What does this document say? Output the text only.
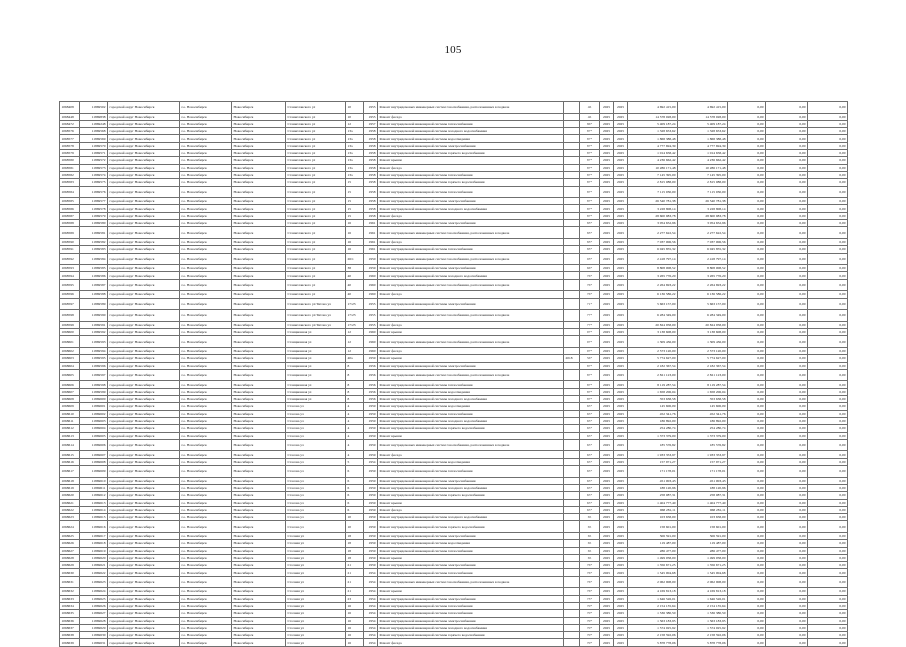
105
1068408	11869502	городской округ Новосибирск	г.о. Новосибирск	Новосибирск	Станиславского ул	10	1955	Ремонт внутридомовых инженерных систем газоснабжения, расположенных в подвале		46	2025	2025	4 692 415,00	4 692 415,00	0,00	0,00	0,00
1068448	11869838	городской округ Новосибирск	г.о. Новосибирск	Новосибирск	Станиславского ул	10	1955	Ремонт фасада		46	2025	2025	14 578 028,00	14 578 028,00	0,00	0,00	0,00
1068472	11869248	городской округ Новосибирск	г.о. Новосибирск	Новосибирск	Станиславского ул	12	1957	Ремонт внутридомовой инженерной системы теплоснабжения		86*	2025	2025	5 409 187,24	5 409 187,24	0,00	0,00	0,00
1068576	11869568	городской округ Новосибирск	г.о. Новосибирск	Новосибирск	Станиславского ул	13а	1958	Ремонт внутридомовой инженерной системы холодного водоснабжения		87*	2025	2025	1 328 653,62	1 328 653,62	0,00	0,00	0,00
1068577	11869569	городской округ Новосибирск	г.о. Новосибирск	Новосибирск	Станиславского ул	13а	1958	Ремонт внутридомовой инженерной системы водоотведения		87*	2025	2025	1 868 388,48	1 868 388,48	0,00	0,00	0,00
1068578	11869570	городской округ Новосибирск	г.о. Новосибирск	Новосибирск	Станиславского ул	13а	1958	Ремонт внутридомовой инженерной системы электроснабжения		87*	2025	2025	4 777 694,39	4 777 694,39	0,00	0,00	0,00
1068579	11869571	городской округ Новосибирск	г.о. Новосибирск	Новосибирск	Станиславского ул	13а	1958	Ремонт внутридомовой инженерной системы горячего водоснабжения		87*	2025	2025	1 014 658,42	1 014 658,42	0,00	0,00	0,00
1068580	11869572	городской округ Новосибирск	г.о. Новосибирск	Новосибирск	Станиславского ул	13а	1958	Ремонт крыши		87*	2025	2025	4 236 662,42	4 236 662,42	0,00	0,00	0,00
1068581	11869573	городской округ Новосибирск	г.о. Новосибирск	Новосибирск	Станиславского ул	13а	1958	Ремонт фасада		87*	2025	2025	10 286 171,48	10 286 171,48	0,00	0,00	0,00
1068582	11869574	городской округ Новосибирск	г.о. Новосибирск	Новосибирск	Станиславского ул	13а	1958	Ремонт внутридомовой инженерной системы теплоснабжения		87*	2025	2025	7 145 395,00	7 145 395,00	0,00	0,00	0,00
1068583	11869575	городской округ Новосибирск	г.о. Новосибирск	Новосибирск	Станиславского ул	15	1958	Ремонт внутридомовой инженерной системы горячего водоснабжения		87*	2025	2025	2 815 088,00	2 815 088,00	0,00	0,00	0,00
1068584	11869576	городской округ Новосибирск	г.о. Новосибирск	Новосибирск	Станиславского ул	15	1958	Ремонт внутридомовой инженерной системы теплоснабжения		87*	2025	2025	7 115 030,00	7 115 030,00	0,00	0,00	0,00
1068585	11869577	городской округ Новосибирск	г.о. Новосибирск	Новосибирск	Станиславского ул	15	1958	Ремонт внутридомовой инженерной системы электроснабжения		87*	2025	2025	26 540 781,38	26 540 781,38	0,00	0,00	0,00
1068586	11869578	городской округ Новосибирск	г.о. Новосибирск	Новосибирск	Станиславского ул	15	1958	Ремонт внутридомовой инженерной системы холодного водоснабжения		87*	2025	2025	3 228 808,14	3 228 808,14	0,00	0,00	0,00
1068587	11869579	городской округ Новосибирск	г.о. Новосибирск	Новосибирск	Станиславского ул	15	1958	Ремонт фасада		87*	2025	2025	28 600 983,78	28 600 983,78	0,00	0,00	0,00
1068588	11869580	городской округ Новосибирск	г.о. Новосибирск	Новосибирск	Станиславского ул	16	1961	Ремонт внутридомовой инженерной системы электроснабжения		83*	2025	2025	3 054 652,96	3 054 652,96	0,00	0,00	0,00
1068589	11869581	городской округ Новосибирск	г.о. Новосибирск	Новосибирск	Станиславского ул	16	1961	Ремонт внутридомовых инженерных систем газоснабжения, расположенных в подвале		83*	2025	2025	2 277 622,54	2 277 622,54	0,00	0,00	0,00
1068590	11869582	городской округ Новосибирск	г.о. Новосибирск	Новосибирск	Станиславского ул	16	1961	Ремонт фасада		83*	2025	2025	7 037 006,56	7 037 006,56	0,00	0,00	0,00
1068591	11869583	городской округ Новосибирск	г.о. Новосибирск	Новосибирск	Станиславского ул	16	1961	Ремонт внутридомовой инженерной системы теплоснабжения		83*	2025	2025	6 045 855,32	6 045 855,32	0,00	0,00	0,00
1068592	11869584	городской округ Новосибирск	г.о. Новосибирск	Новосибирск	Станиславского ул	26/1	1950	Ремонт внутридомовых инженерных систем газоснабжения, расположенных в подвале		93*	2025	2025	2 418 797,14	2 418 797,14	0,00	0,00	0,00
1068593	11869585	городской округ Новосибирск	г.о. Новосибирск	Новосибирск	Станиславского ул	38	1959	Ремонт внутридомовой инженерной системы электроснабжения		66*	2025	2025	8 808 008,52	8 808 008,52	0,00	0,00	0,00
1068594	11869586	городской округ Новосибирск	г.о. Новосибирск	Новосибирск	Станиславского ул	40	1960	Ремонт внутридомовой инженерной системы холодного водоснабжения		76*	2025	2025	3 265 776,20	3 265 776,20	0,00	0,00	0,00
1068595	11869587	городской округ Новосибирск	г.о. Новосибирск	Новосибирск	Станиславского ул	40	1960	Ремонт внутридомовых инженерных систем газоснабжения, расположенных в подвале		76*	2025	2025	2 264 693,22	2 264 693,22	0,00	0,00	0,00
1068596	11869588	городской округ Новосибирск	г.о. Новосибирск	Новосибирск	Станиславского ул	40	1960	Ремонт фасада		76*	2025	2025	6 136 586,22	6 136 586,22	0,00	0,00	0,00
1068597	11869589	городской округ Новосибирск	г.о. Новосибирск	Новосибирск	Станиславского ул/Титова ул	17/23	1955	Ремонт внутридомовой инженерной системы электроснабжения		71*	2025	2025	5 663 157,00	5 663 157,00	0,00	0,00	0,00
1068598	11869590	городской округ Новосибирск	г.о. Новосибирск	Новосибирск	Станиславского ул/Титова ул	17/23	1955	Ремонт внутридомовых инженерных систем газоснабжения, расположенных в подвале		77*	2025	2025	6 284 349,00	6 284 349,00	0,00	0,00	0,00
1068599	11869591	городской округ Новосибирск	г.о. Новосибирск	Новосибирск	Станиславского ул/Титова ул	17/23	1955	Ремонт фасада		77*	2025	2025	20 824 958,00	20 824 958,00	0,00	0,00	0,00
1068600	11869592	городской округ Новосибирск	г.о. Новосибирск	Новосибирск	Станционная ул	12	1960	Ремонт крыши		97*	2025	2025	3 138 608,00	3 138 608,00	0,00	0,00	0,00
1068601	11869593	городской округ Новосибирск	г.о. Новосибирск	Новосибирск	Станционная ул	12	1960	Ремонт внутридомовых инженерных систем газоснабжения, расположенных в подвале		97*	2025	2025	1 309 436,00	1 309 436,00	0,00	0,00	0,00
1068602	11869594	городской округ Новосибирск	г.о. Новосибирск	Новосибирск	Станционная ул	12	1960	Ремонт фасада		97*	2025	2025	2 573 120,00	2 573 120,00	0,00	0,00	0,00
1068603	11869595	городской округ Новосибирск	г.о. Новосибирск	Новосибирск	Станционная ул	40а	1959	Ремонт крыши	2018	56*	2025	2025	5 774 627,00	5 774 627,00	0,00	0,00	0,00
1068604	11869596	городской округ Новосибирск	г.о. Новосибирск	Новосибирск	Станционная ул	8	1956	Ремонт внутридомовой инженерной системы электроснабжения		87*	2025	2025	2 182 367,54	2 182 367,54	0,00	0,00	0,00
1068605	11869597	городской округ Новосибирск	г.о. Новосибирск	Новосибирск	Станционная ул	8	1956	Ремонт внутридомовых инженерных систем газоснабжения, расположенных в подвале		87*	2025	2025	2 821 123,00	2 821 123,00	0,00	0,00	0,00
1068606	11869598	городской округ Новосибирск	г.о. Новосибирск	Новосибирск	Станционная ул	8	1956	Ремонт внутридомовой инженерной системы теплоснабжения		87*	2025	2025	8 119 287,54	8 119 287,54	0,00	0,00	0,00
1068607	11869599	городской округ Новосибирск	г.о. Новосибирск	Новосибирск	Станционная ул	8	1956	Ремонт внутридомовой инженерной системы водоотведения		87*	2025	2025	1 658 206,04	1 658 206,04	0,00	0,00	0,00
1068608	11869600	городской округ Новосибирск	г.о. Новосибирск	Новосибирск	Станционная ул	8	1956	Ремонт внутридомовой инженерной системы холодного водоснабжения		87*	2025	2025	353 638,58	353 638,58	0,00	0,00	0,00
1068609	11869601	городской округ Новосибирск	г.о. Новосибирск	Новосибирск	Стасова ул	4	1959	Ремонт внутридомовой инженерной системы водоотведения		65*	2025	2025	145 606,09	145 606,09	0,00	0,00	0,00
1068610	11869602	городской округ Новосибирск	г.о. Новосибирск	Новосибирск	Стасова ул	4	1959	Ремонт внутридомовой инженерной системы теплоснабжения		65*	2025	2025	452 341,76	452 341,76	0,00	0,00	0,00
1068611	11869603	городской округ Новосибирск	г.о. Новосибирск	Новосибирск	Стасова ул	4	1959	Ремонт внутридомовой инженерной системы холодного водоснабжения		65*	2025	2025	186 892,00	186 892,00	0,00	0,00	0,00
1068612	11869604	городской округ Новосибирск	г.о. Новосибирск	Новосибирск	Стасова ул	4	1959	Ремонт внутридомовой инженерной системы горячего водоснабжения		65*	2025	2025	254 280,74	254 280,74	0,00	0,00	0,00
1068613	11869605	городской округ Новосибирск	г.о. Новосибирск	Новосибирск	Стасова ул	4	1959	Ремонт крыши		65*	2025	2025	1 373 379,00	1 373 379,00	0,00	0,00	0,00
1068614	11869606	городской округ Новосибирск	г.о. Новосибирск	Новосибирск	Стасова ул	4	1959	Ремонт внутридомовых инженерных систем газоснабжения, расположенных в подвале		65*	2025	2025	185 576,82	185 576,82	0,00	0,00	0,00
1068615	11869607	городской округ Новосибирск	г.о. Новосибирск	Новосибирск	Стасова ул	4	1959	Ремонт фасада		65*	2025	2025	1 933 353,97	1 933 353,97	0,00	0,00	0,00
1068616	11869608	городской округ Новосибирск	г.о. Новосибирск	Новосибирск	Стасова ул	5	1954	Ремонт внутридомовой инженерной системы водоотведения		65*	2025	2025	157 971,27	157 971,27	0,00	0,00	0,00
1068617	11869609	городской округ Новосибирск	г.о. Новосибирск	Новосибирск	Стасова ул	6	1959	Ремонт внутридомовой инженерной системы теплоснабжения		65*	2025	2025	171 178,01	171 178,01	0,00	0,00	0,00
1068618	11869610	городской округ Новосибирск	г.о. Новосибирск	Новосибирск	Стасова ул	6	1959	Ремонт внутридомовой инженерной системы электроснабжения		65*	2025	2025	451 003,43	451 003,43	0,00	0,00	0,00
1068619	11869611	городской округ Новосибирск	г.о. Новосибирск	Новосибирск	Стасова ул	6	1959	Ремонт внутридомовой инженерной системы холодного водоснабжения		65*	2025	2025	188 120,96	188 120,96	0,00	0,00	0,00
1068620	11869612	городской округ Новосибирск	г.о. Новосибирск	Новосибирск	Стасова ул	6	1959	Ремонт внутридомовой инженерной системы горячего водоснабжения		65*	2025	2025	258 087,31	258 087,31	0,00	0,00	0,00
1068621	11869613	городской округ Новосибирск	г.о. Новосибирск	Новосибирск	Стасова ул	6	1959	Ремонт крыши		65*	2025	2025	1 404 777,40	1 404 777,40	0,00	0,00	0,00
1068622	11869614	городской округ Новосибирск	г.о. Новосибирск	Новосибирск	Стасова ул	6	1959	Ремонт фасада		65*	2025	2025	968 281,11	968 281,11	0,00	0,00	0,00
1068623	11869615	городской округ Новосибирск	г.о. Новосибирск	Новосибирск	Стасова ул	10	1959	Ремонт внутридомовой инженерной системы холодного водоснабжения		65	2025	2025	103 658,00	103 658,00	0,00	0,00	0,00
1068624	11869616	городской округ Новосибирск	г.о. Новосибирск	Новосибирск	Стасова ул	10	1959	Ремонт внутридомовой инженерной системы горячего водоснабжения		65	2025	2025	158 601,00	158 601,00	0,00	0,00	0,00
1068625	11869617	городской округ Новосибирск	г.о. Новосибирск	Новосибирск	Сточная ул	18	1959	Ремонт внутридомовой инженерной системы электроснабжения		65	2025	2025	506 591,00	506 591,00	0,00	0,00	0,00
1068626	11869618	городской округ Новосибирск	г.о. Новосибирск	Новосибирск	Сточная ул	18	1959	Ремонт внутридомовой инженерной системы водоотведения		65	2025	2025	119 487,00	119 487,00	0,00	0,00	0,00
1068627	11869619	городской округ Новосибирск	г.о. Новосибирск	Новосибирск	Сточная ул	18	1959	Ремонт внутридомовой инженерной системы теплоснабжения		65	2025	2025	286 477,00	286 477,00	0,00	0,00	0,00
1068628	11869620	городской округ Новосибирск	г.о. Новосибирск	Новосибирск	Сточная ул	18	1959	Ремонт крыши		65	2025	2025	1 499 058,00	1 499 058,00	0,00	0,00	0,00
1068629	11869621	городской округ Новосибирск	г.о. Новосибирск	Новосибирск	Сточная ул	21	1959	Ремонт внутридомовой инженерной системы электроснабжения		76*	2025	2025	1 356 671,25	1 356 671,25	0,00	0,00	0,00
1068630	11869622	городской округ Новосибирск	г.о. Новосибирск	Новосибирск	Сточная ул	21	1954	Ремонт внутридомовой инженерной системы теплоснабжения		76*	2025	2025	1 545 004,68	1 545 004,68	0,00	0,00	0,00
1068631	11869623	городской округ Новосибирск	г.о. Новосибирск	Новосибирск	Сточная ул	21	1954	Ремонт внутридомовых инженерных систем газоснабжения, расположенных в подвале		76*	2025	2025	2 062 908,00	2 062 908,00	0,00	0,00	0,00
1068632	11869624	городской округ Новосибирск	г.о. Новосибирск	Новосибирск	Сточная ул	21	1954	Ремонт крыши		76*	2025	2025	4 169 813,18	4 169 813,18	0,00	0,00	0,00
1068633	11869625	городской округ Новосибирск	г.о. Новосибирск	Новосибирск	Сточная ул	23	1954	Ремонт внутридомовой инженерной системы электроснабжения		73*	2025	2025	1 646 526,01	1 646 526,01	0,00	0,00	0,00
1068634	11869626	городской округ Новосибирск	г.о. Новосибирск	Новосибирск	Сточная ул	16	1954	Ремонт внутридомовой инженерной системы теплоснабжения		70*	2025	2025	2 154 135,64	2 154 135,64	0,00	0,00	0,00
1068635	11869627	городской округ Новосибирск	г.о. Новосибирск	Новосибирск	Сточная ул	16	1954	Ремонт внутридомовой инженерной системы теплоснабжения		70*	2025	2025	1 536 380,50	1 536 380,50	0,00	0,00	0,00
1068636	11869628	городской округ Новосибирск	г.о. Новосибирск	Новосибирск	Сточная ул	16	1954	Ремонт внутридомовой инженерной системы электроснабжения		70*	2025	2025	1 563 183,95	1 563 183,95	0,00	0,00	0,00
1068637	11869629	городской округ Новосибирск	г.о. Новосибирск	Новосибирск	Сточная ул	16	1954	Ремонт внутридомовой инженерной системы холодного водоснабжения		70*	2025	2025	1 574 025,92	1 574 025,92	0,00	0,00	0,00
1068638	11869630	городской округ Новосибирск	г.о. Новосибирск	Новосибирск	Сточная ул	16	1954	Ремонт внутридомовой инженерной системы горячего водоснабжения		70*	2025	2025	2 158 592,06	2 158 592,06	0,00	0,00	0,00
1068639	11869631	городской округ Новосибирск	г.о. Новосибирск	Новосибирск	Сточная ул	16	1954	Ремонт фасада		70*	2025	2025	5 878 778,06	5 878 778,06	0,00	0,00	0,00
